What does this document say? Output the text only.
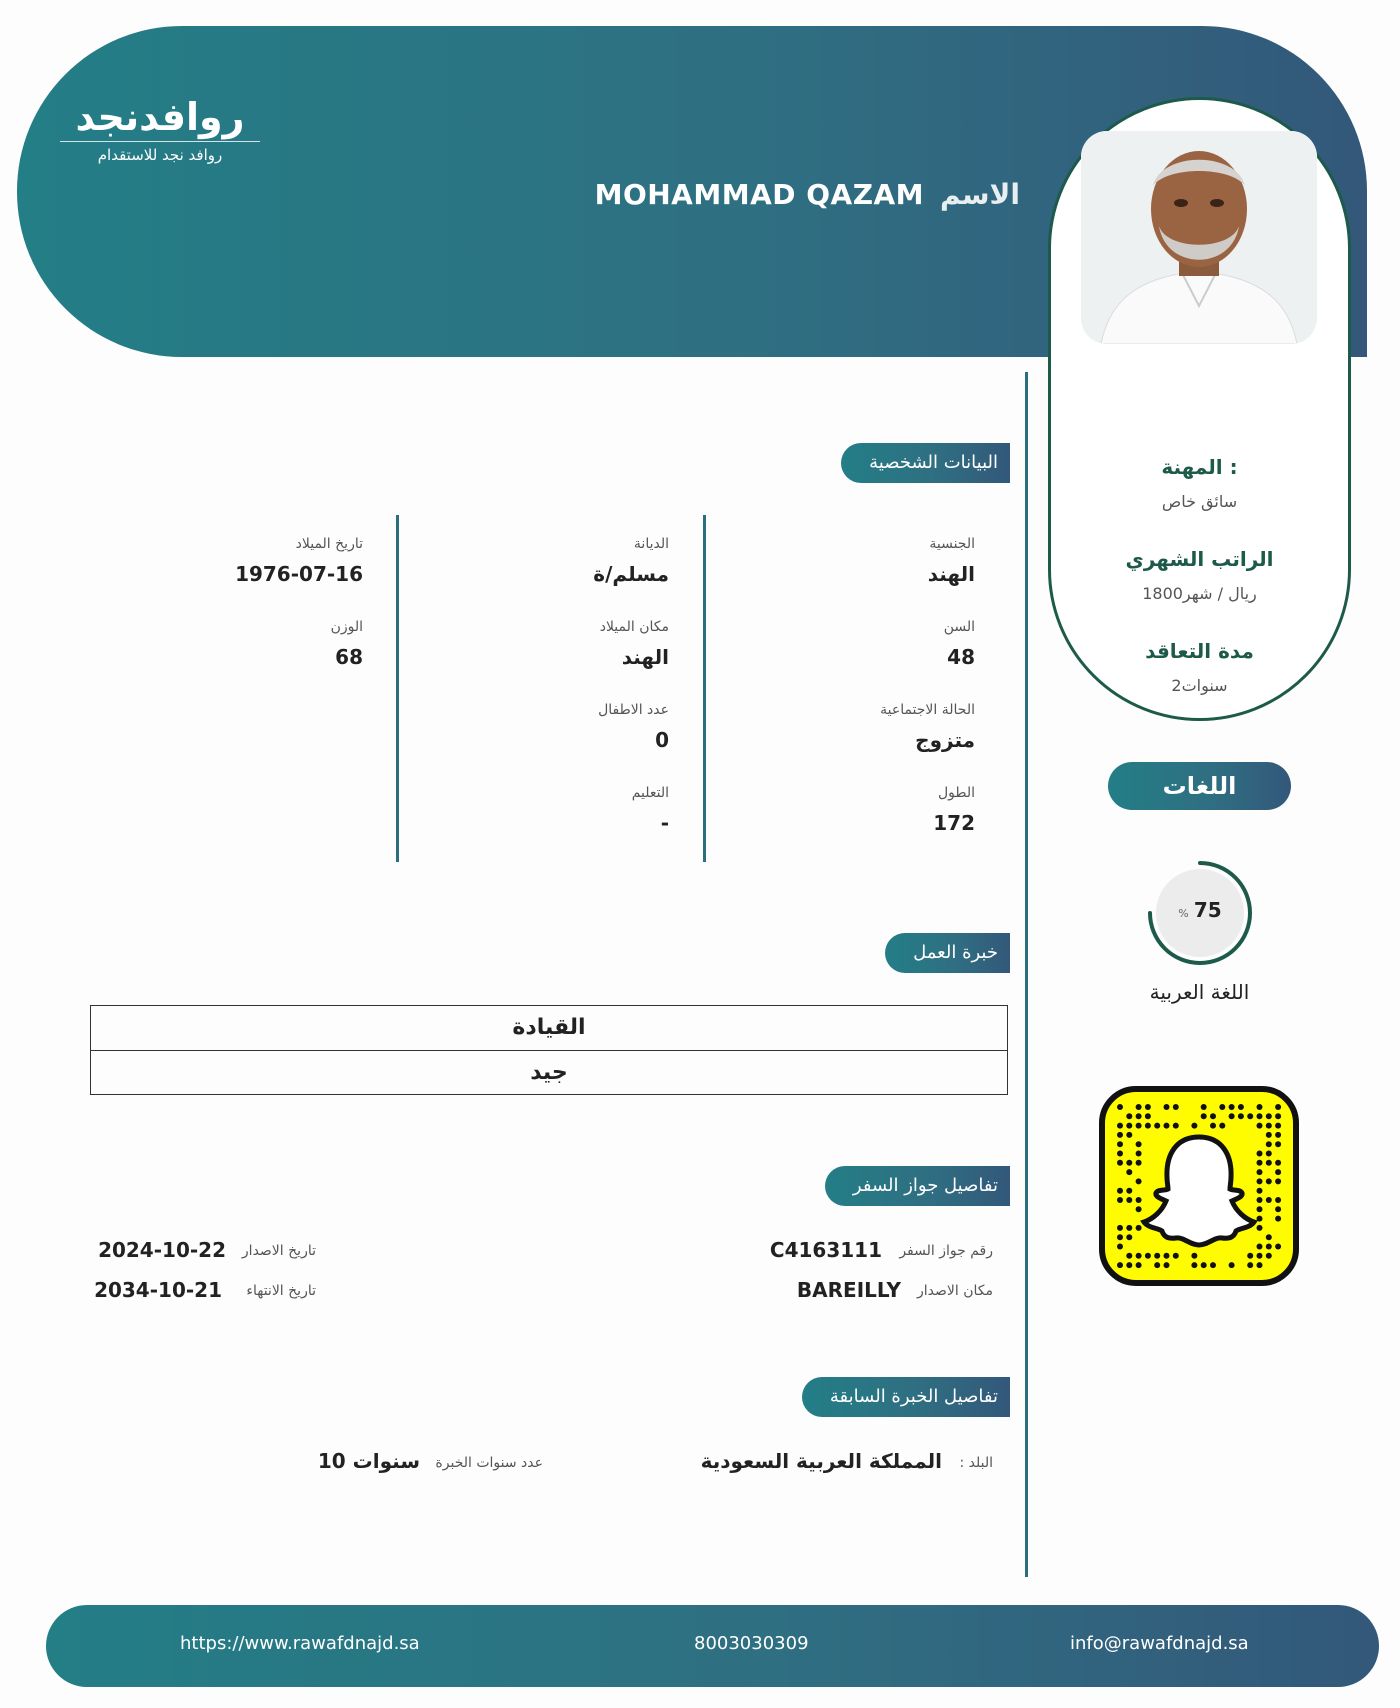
روافدنجد
روافد نجد للاستقدام
الاسم
MOHAMMAD QAZAM
المهنة :
سائق خاص
الراتب الشهري
1800ريال / شهر
مدة التعاقد
2سنوات
اللغات
% 75
اللغة العربية
البيانات الشخصية
الجنسية
الهند
السن
48
الحالة الاجتماعية
متزوج
الطول
172
الديانة
مسلم/ة
مكان الميلاد
الهند
عدد الاطفال
0
التعليم
-
تاريخ الميلاد
1976-07-16
الوزن
68
خبرة العمل
القيادة
جيد
تفاصيل جواز السفر
رقم جواز السفر
C4163111
مكان الاصدار
BAREILLY
تاريخ الاصدار
2024-10-22
تاريخ الانتهاء
2034-10-21
تفاصيل الخبرة السابقة
البلد :
المملكة العربية السعودية
عدد سنوات الخبرة
10 سنوات
https://www.rawafdnajd.sa	8003030309	info@rawafdnajd.sa
